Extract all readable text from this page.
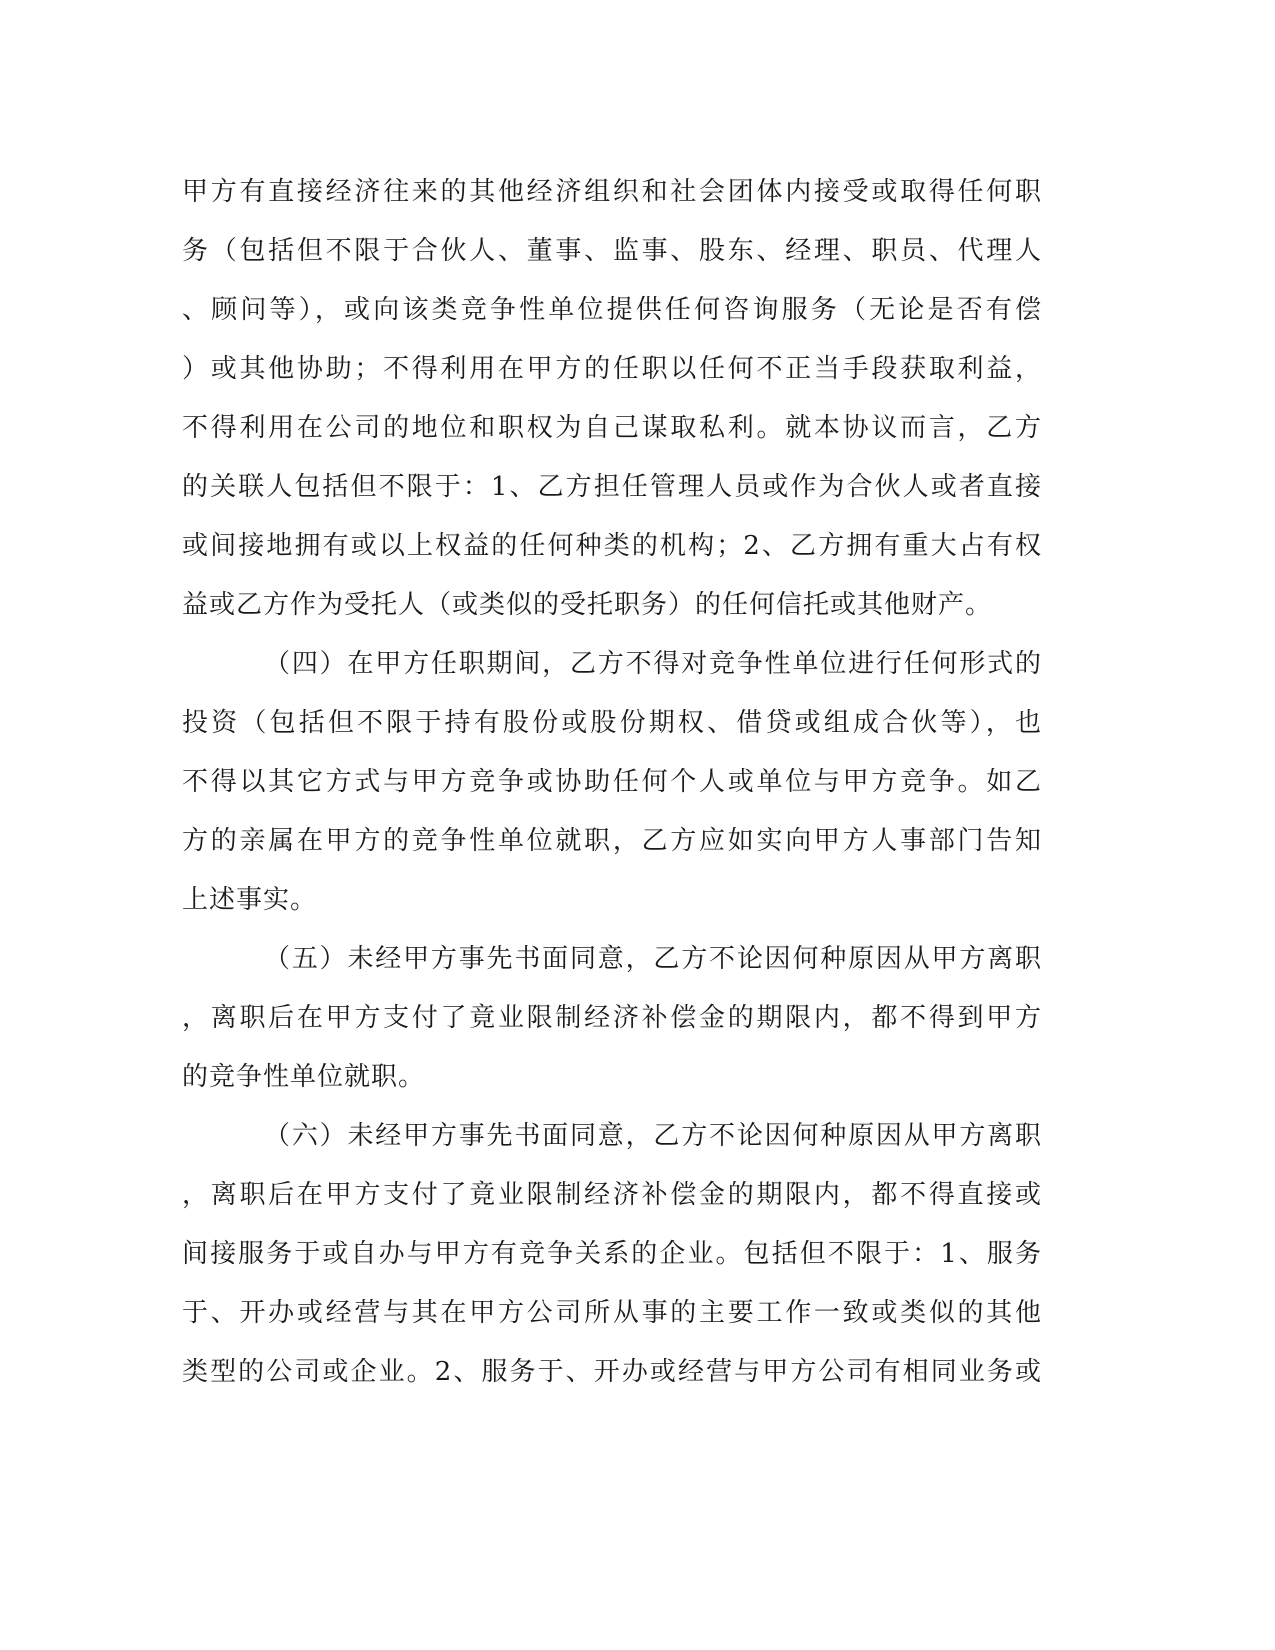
甲方有直接经济往来的其他经济组织和社会团体内接受或取得任何职
务（包括但不限于合伙人、董事、监事、股东、经理、职员、代理人
、顾问等），或向该类竞争性单位提供任何咨询服务（无论是否有偿
）或其他协助；不得利用在甲方的任职以任何不正当手段获取利益，
不得利用在公司的地位和职权为自己谋取私利。就本协议而言，乙方
的关联人包括但不限于：1、乙方担任管理人员或作为合伙人或者直接
或间接地拥有或以上权益的任何种类的机构；2、乙方拥有重大占有权
益或乙方作为受托人（或类似的受托职务）的任何信托或其他财产。
（四）在甲方任职期间，乙方不得对竞争性单位进行任何形式的
投资（包括但不限于持有股份或股份期权、借贷或组成合伙等），也
不得以其它方式与甲方竞争或协助任何个人或单位与甲方竞争。如乙
方的亲属在甲方的竞争性单位就职，乙方应如实向甲方人事部门告知
上述事实。
（五）未经甲方事先书面同意，乙方不论因何种原因从甲方离职
，离职后在甲方支付了竟业限制经济补偿金的期限内，都不得到甲方
的竞争性单位就职。
（六）未经甲方事先书面同意，乙方不论因何种原因从甲方离职
，离职后在甲方支付了竟业限制经济补偿金的期限内，都不得直接或
间接服务于或自办与甲方有竞争关系的企业。包括但不限于：1、服务
于、开办或经营与其在甲方公司所从事的主要工作一致或类似的其他
类型的公司或企业。2、服务于、开办或经营与甲方公司有相同业务或
